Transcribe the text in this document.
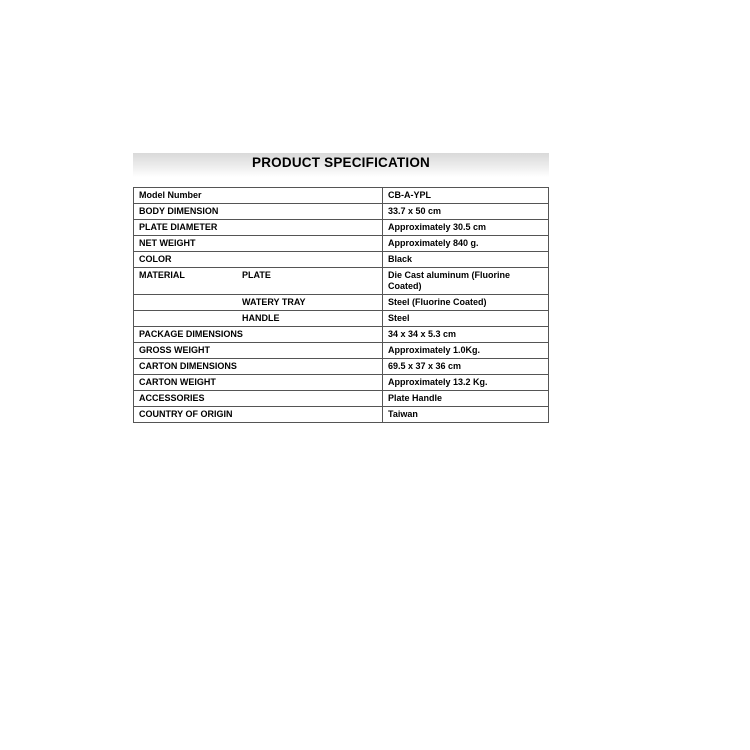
PRODUCT SPECIFICATION
Model Number	CB-A-YPL
BODY DIMENSION	33.7 x 50 cm
PLATE DIAMETER	Approximately 30.5 cm
NET WEIGHT	Approximately 840 g.
COLOR	Black
MATERIAL PLATE	Die Cast aluminum (Fluorine Coated)
WATERY TRAY	Steel (Fluorine Coated)
HANDLE	Steel
PACKAGE DIMENSIONS	34 x 34 x 5.3 cm
GROSS WEIGHT	Approximately 1.0Kg.
CARTON DIMENSIONS	69.5 x 37 x 36 cm
CARTON WEIGHT	Approximately 13.2 Kg.
ACCESSORIES	Plate Handle
COUNTRY OF ORIGIN	Taiwan
